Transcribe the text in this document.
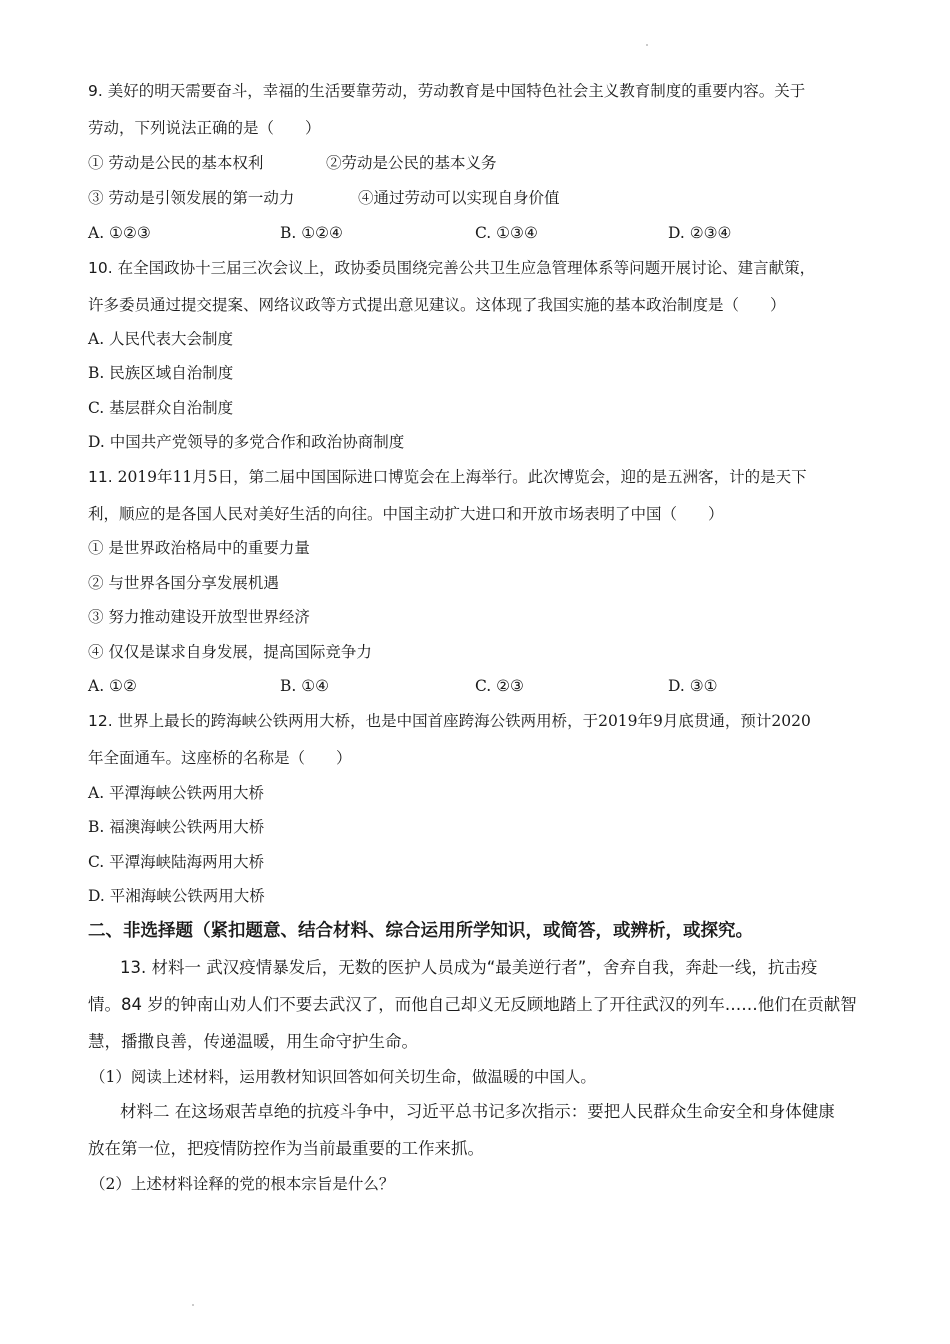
9. 美好的明天需要奋斗，幸福的生活要靠劳动，劳动教育是中国特色社会主义教育制度的重要内容。关于
劳动，下列说法正确的是（　　）
① 劳动是公民的基本权利	②劳动是公民的基本义务
③ 劳动是引领发展的第一动力	④通过劳动可以实现自身价值
A. ①②③	B. ①②④	C. ①③④	D. ②③④
10. 在全国政协十三届三次会议上，政协委员围绕完善公共卫生应急管理体系等问题开展讨论、建言献策，
许多委员通过提交提案、网络议政等方式提出意见建议。这体现了我国实施的基本政治制度是（　　）
A. 人民代表大会制度
B. 民族区域自治制度
C. 基层群众自治制度
D. 中国共产党领导的多党合作和政治协商制度
11. 2019年11月5日，第二届中国国际进口博览会在上海举行。此次博览会，迎的是五洲客，计的是天下
利，顺应的是各国人民对美好生活的向往。中国主动扩大进口和开放市场表明了中国（　　）
① 是世界政治格局中的重要力量
② 与世界各国分享发展机遇
③ 努力推动建设开放型世界经济
④ 仅仅是谋求自身发展，提高国际竞争力
A. ①②	B. ①④	C. ②③	D. ③①
12. 世界上最长的跨海峡公铁两用大桥，也是中国首座跨海公铁两用桥，于2019年9月底贯通，预计2020
年全面通车。这座桥的名称是（　　）
A. 平潭海峡公铁两用大桥
B. 福澳海峡公铁两用大桥
C. 平潭海峡陆海两用大桥
D. 平湘海峡公铁两用大桥
二、非选择题（紧扣题意、结合材料、综合运用所学知识，或简答，或辨析，或探究。
13. 材料一 武汉疫情暴发后，无数的医护人员成为“最美逆行者”，舍弃自我，奔赴一线，抗击疫
情。84 岁的钟南山劝人们不要去武汉了，而他自己却义无反顾地踏上了开往武汉的列车……他们在贡献智
慧，播撒良善，传递温暖，用生命守护生命。
（1）阅读上述材料，运用教材知识回答如何关切生命，做温暖的中国人。
材料二 在这场艰苦卓绝的抗疫斗争中，习近平总书记多次指示：要把人民群众生命安全和身体健康
放在第一位，把疫情防控作为当前最重要的工作来抓。
（2）上述材料诠释的党的根本宗旨是什么？
